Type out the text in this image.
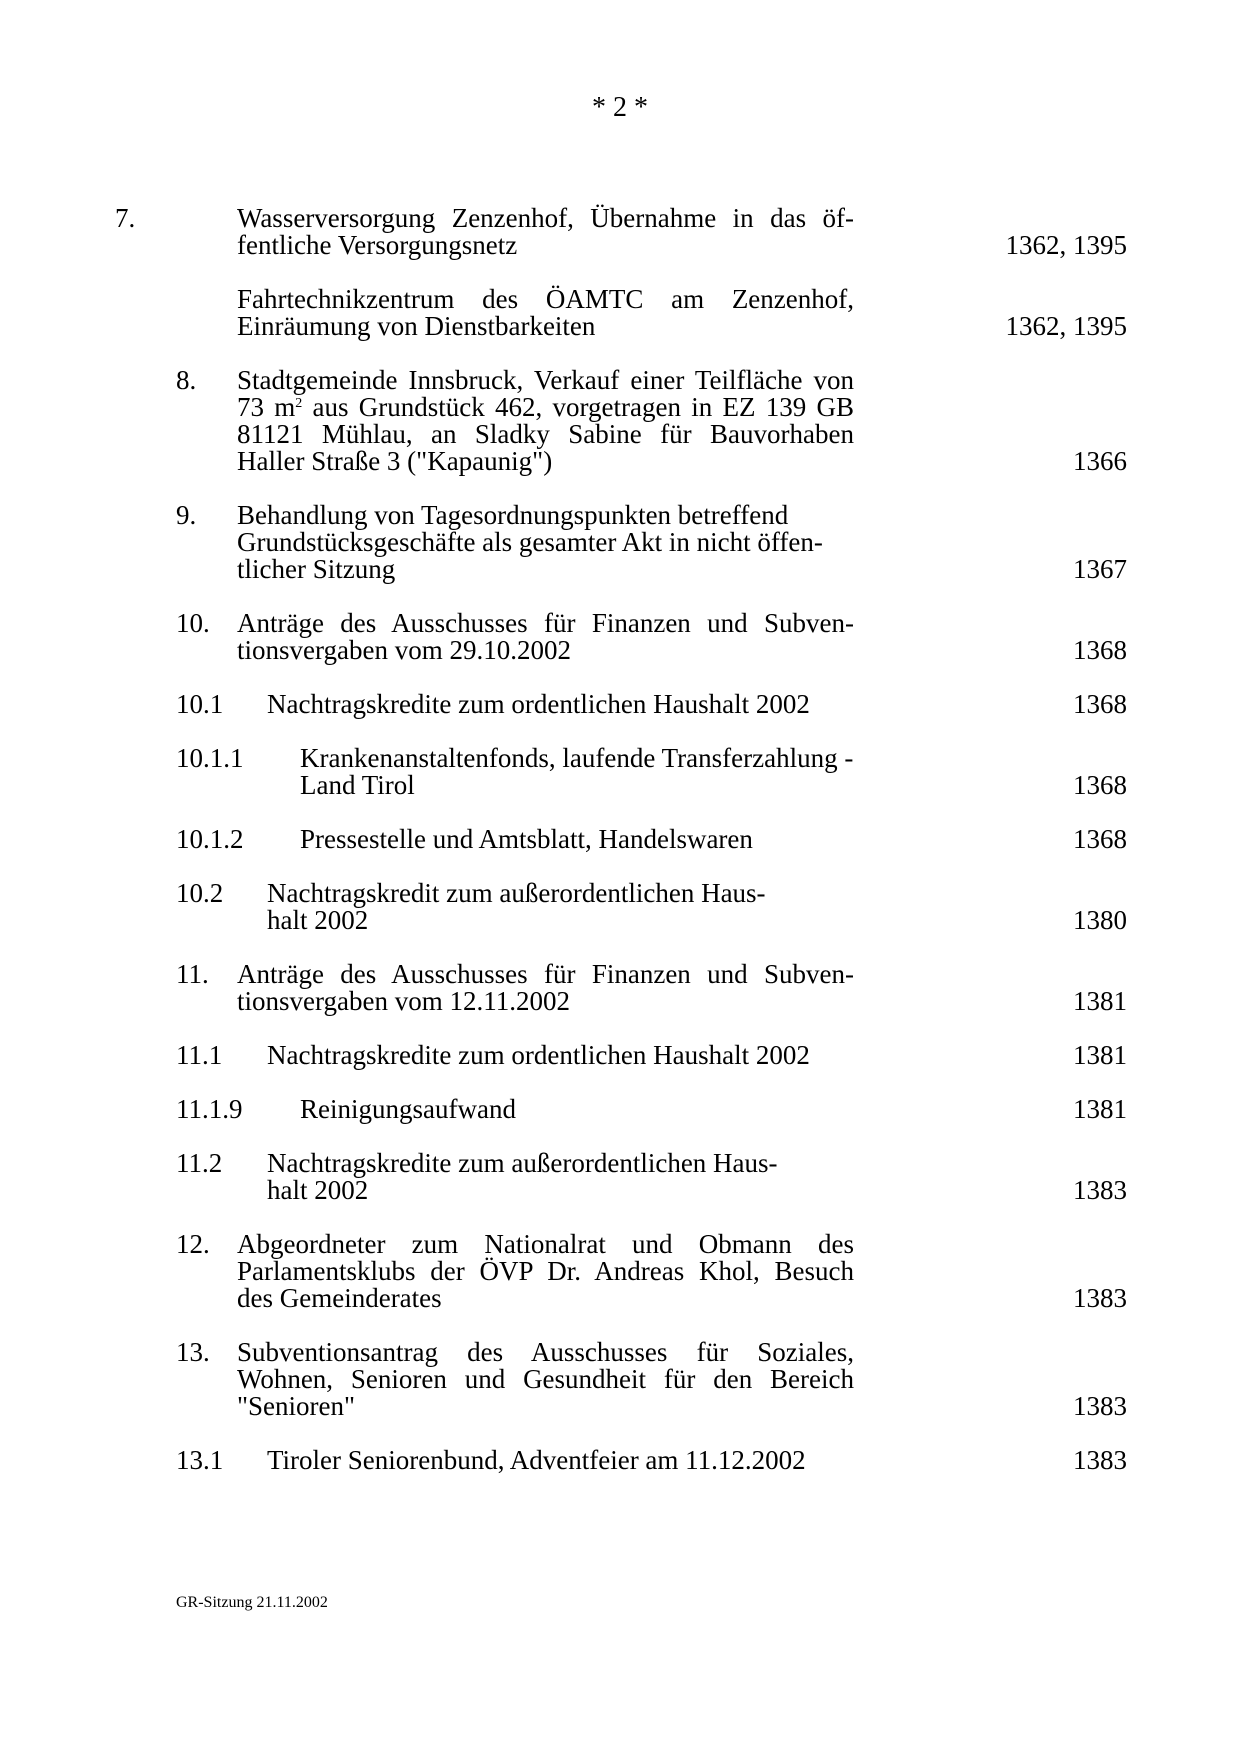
* 2 *
7.	Wasserversorgung Zenzenhof, Übernahme in das öf-
fentliche Versorgungsnetz	1362, 1395
Fahrtechnikzentrum des ÖAMTC am Zenzenhof,
Einräumung von Dienstbarkeiten	1362, 1395
8. Stadtgemeinde Innsbruck, Verkauf einer Teilfläche von
73 $m^2$ aus Grundstück 462, vorgetragen in EZ 139 GB
81121 Mühlau, an Sladky Sabine für Bauvorhaben
Haller Straße 3 ("Kapaunig")	1366
9. Behandlung von Tagesordnungspunkten betreffend
Grundstücksgeschäfte als gesamter Akt in nicht öffen-
tlicher Sitzung	1367
10. Anträge des Ausschusses für Finanzen und Subven-
tionsvergaben vom 29.10.2002	1368
10.1 Nachtragskredite zum ordentlichen Haushalt 2002	1368
10.1.1 Krankenanstaltenfonds, laufende Transferzahlung -
Land Tirol	1368
10.1.2 Pressestelle und Amtsblatt, Handelswaren	1368
10.2 Nachtragskredit zum außerordentlichen Haus-
halt 2002	1380
11. Anträge des Ausschusses für Finanzen und Subven-
tionsvergaben vom 12.11.2002	1381
11.1 Nachtragskredite zum ordentlichen Haushalt 2002	1381
11.1.9 Reinigungsaufwand	1381
11.2 Nachtragskredite zum außerordentlichen Haus-
halt 2002	1383
12. Abgeordneter zum Nationalrat und Obmann des
Parlamentsklubs der ÖVP Dr. Andreas Khol, Besuch
des Gemeinderates	1383
13. Subventionsantrag des Ausschusses für Soziales,
Wohnen, Senioren und Gesundheit für den Bereich
"Senioren"	1383
13.1 Tiroler Seniorenbund, Adventfeier am 11.12.2002	1383
GR-Sitzung 21.11.2002
